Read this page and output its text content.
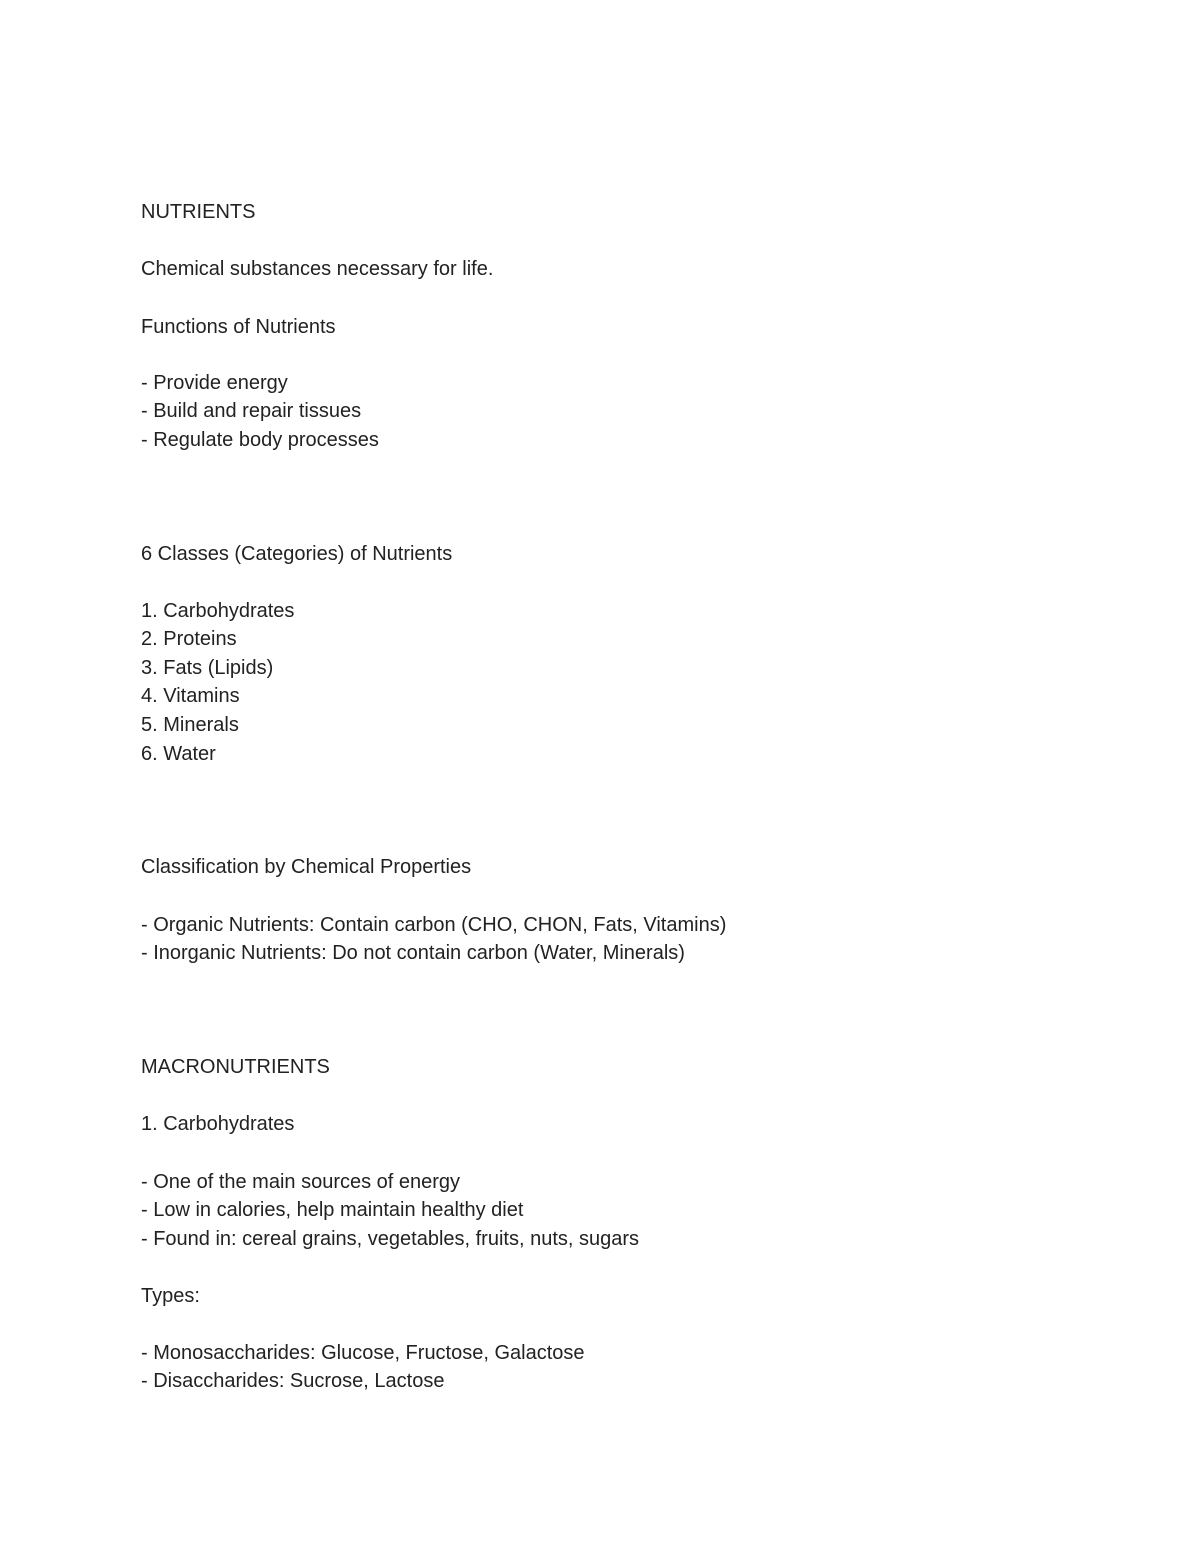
NUTRIENTS
Chemical substances necessary for life.
Functions of Nutrients
- Provide energy
- Build and repair tissues
- Regulate body processes
6 Classes (Categories) of Nutrients
1. Carbohydrates
2. Proteins
3. Fats (Lipids)
4. Vitamins
5. Minerals
6. Water
Classification by Chemical Properties
- Organic Nutrients: Contain carbon (CHO, CHON, Fats, Vitamins)
- Inorganic Nutrients: Do not contain carbon (Water, Minerals)
MACRONUTRIENTS
1. Carbohydrates
- One of the main sources of energy
- Low in calories, help maintain healthy diet
- Found in: cereal grains, vegetables, fruits, nuts, sugars
Types:
- Monosaccharides: Glucose, Fructose, Galactose
- Disaccharides: Sucrose, Lactose
